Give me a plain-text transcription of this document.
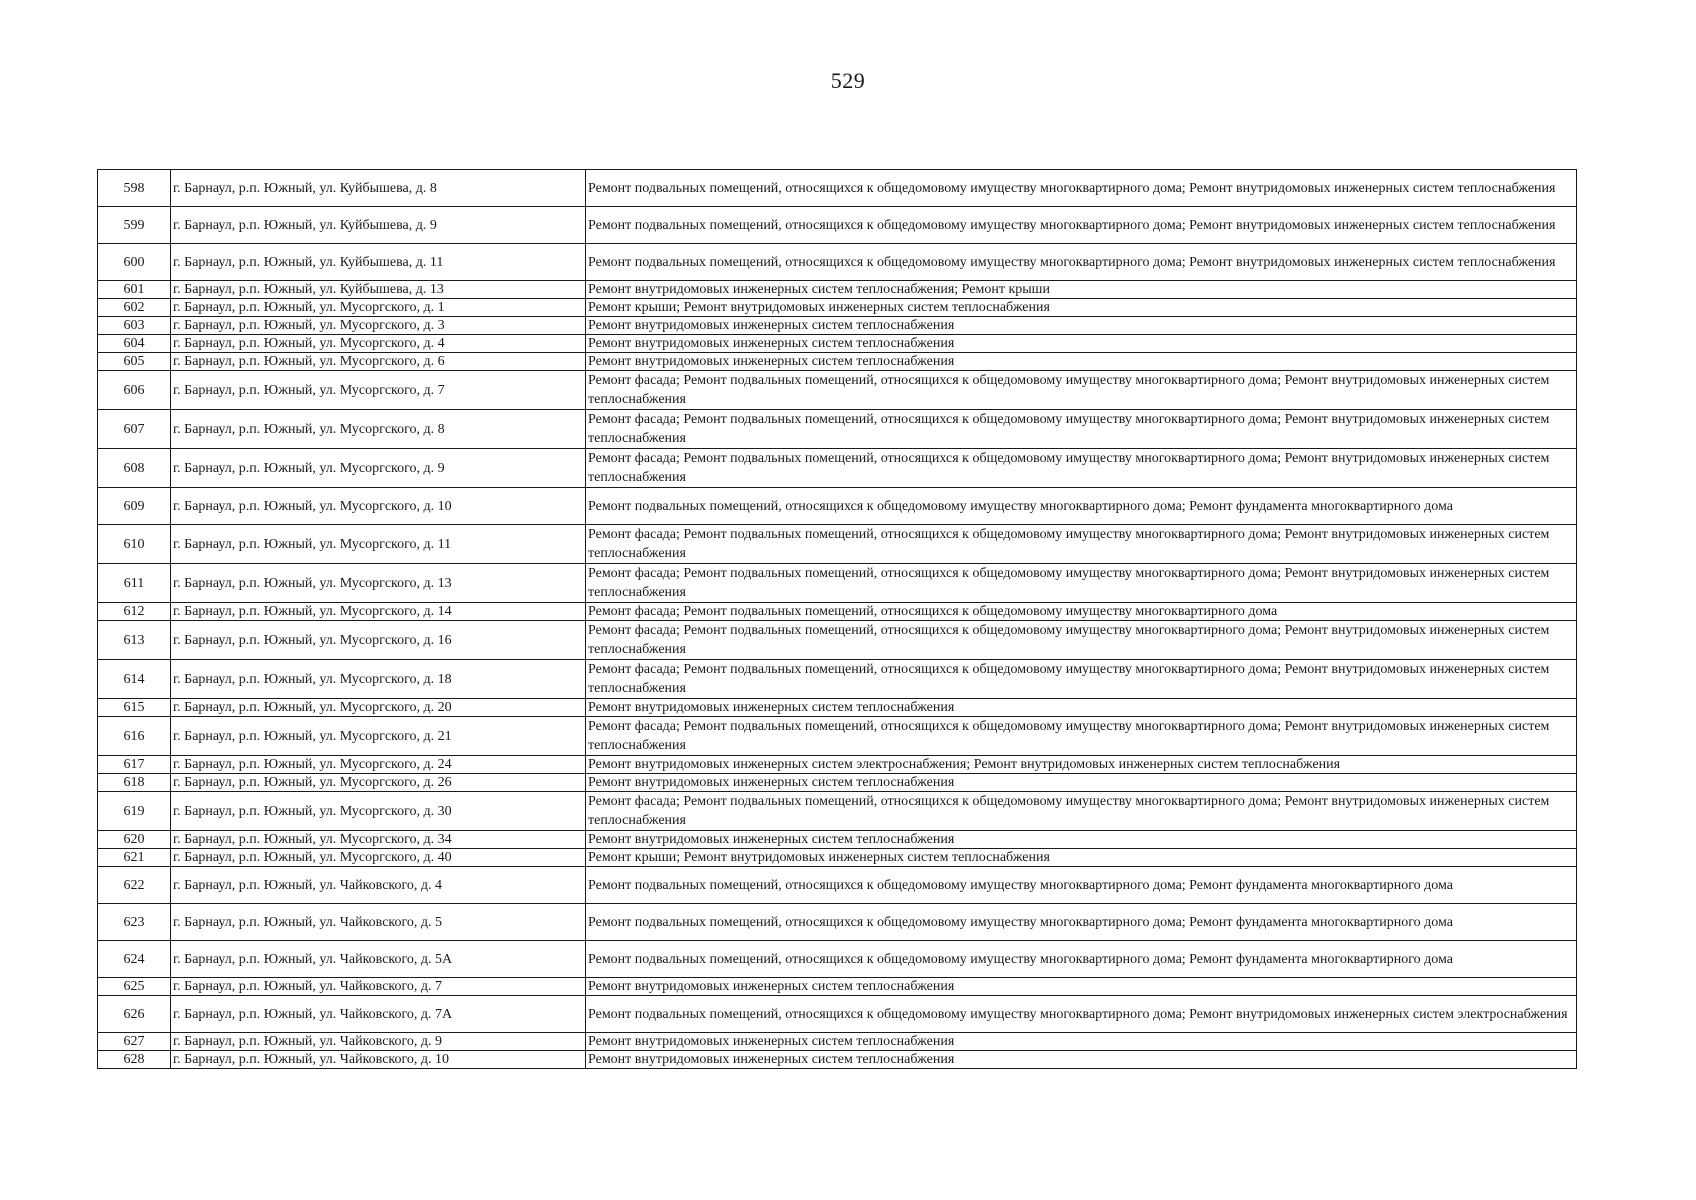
529
598	г. Барнаул, р.п. Южный, ул. Куйбышева, д. 8	Ремонт подвальных помещений, относящихся к общедомовому имуществу многоквартирного дома; Ремонт внутридомовых инженерных систем теплоснабжения
599	г. Барнаул, р.п. Южный, ул. Куйбышева, д. 9	Ремонт подвальных помещений, относящихся к общедомовому имуществу многоквартирного дома; Ремонт внутридомовых инженерных систем теплоснабжения
600	г. Барнаул, р.п. Южный, ул. Куйбышева, д. 11	Ремонт подвальных помещений, относящихся к общедомовому имуществу многоквартирного дома; Ремонт внутридомовых инженерных систем теплоснабжения
601	г. Барнаул, р.п. Южный, ул. Куйбышева, д. 13	Ремонт внутридомовых инженерных систем теплоснабжения; Ремонт крыши
602	г. Барнаул, р.п. Южный, ул. Мусоргского, д. 1	Ремонт крыши; Ремонт внутридомовых инженерных систем теплоснабжения
603	г. Барнаул, р.п. Южный, ул. Мусоргского, д. 3	Ремонт внутридомовых инженерных систем теплоснабжения
604	г. Барнаул, р.п. Южный, ул. Мусоргского, д. 4	Ремонт внутридомовых инженерных систем теплоснабжения
605	г. Барнаул, р.п. Южный, ул. Мусоргского, д. 6	Ремонт внутридомовых инженерных систем теплоснабжения
606	г. Барнаул, р.п. Южный, ул. Мусоргского, д. 7	Ремонт фасада; Ремонт подвальных помещений, относящихся к общедомовому имуществу многоквартирного дома; Ремонт внутридомовых инженерных систем теплоснабжения
607	г. Барнаул, р.п. Южный, ул. Мусоргского, д. 8	Ремонт фасада; Ремонт подвальных помещений, относящихся к общедомовому имуществу многоквартирного дома; Ремонт внутридомовых инженерных систем теплоснабжения
608	г. Барнаул, р.п. Южный, ул. Мусоргского, д. 9	Ремонт фасада; Ремонт подвальных помещений, относящихся к общедомовому имуществу многоквартирного дома; Ремонт внутридомовых инженерных систем теплоснабжения
609	г. Барнаул, р.п. Южный, ул. Мусоргского, д. 10	Ремонт подвальных помещений, относящихся к общедомовому имуществу многоквартирного дома; Ремонт фундамента многоквартирного дома
610	г. Барнаул, р.п. Южный, ул. Мусоргского, д. 11	Ремонт фасада; Ремонт подвальных помещений, относящихся к общедомовому имуществу многоквартирного дома; Ремонт внутридомовых инженерных систем теплоснабжения
611	г. Барнаул, р.п. Южный, ул. Мусоргского, д. 13	Ремонт фасада; Ремонт подвальных помещений, относящихся к общедомовому имуществу многоквартирного дома; Ремонт внутридомовых инженерных систем теплоснабжения
612	г. Барнаул, р.п. Южный, ул. Мусоргского, д. 14	Ремонт фасада; Ремонт подвальных помещений, относящихся к общедомовому имуществу многоквартирного дома
613	г. Барнаул, р.п. Южный, ул. Мусоргского, д. 16	Ремонт фасада; Ремонт подвальных помещений, относящихся к общедомовому имуществу многоквартирного дома; Ремонт внутридомовых инженерных систем теплоснабжения
614	г. Барнаул, р.п. Южный, ул. Мусоргского, д. 18	Ремонт фасада; Ремонт подвальных помещений, относящихся к общедомовому имуществу многоквартирного дома; Ремонт внутридомовых инженерных систем теплоснабжения
615	г. Барнаул, р.п. Южный, ул. Мусоргского, д. 20	Ремонт внутридомовых инженерных систем теплоснабжения
616	г. Барнаул, р.п. Южный, ул. Мусоргского, д. 21	Ремонт фасада; Ремонт подвальных помещений, относящихся к общедомовому имуществу многоквартирного дома; Ремонт внутридомовых инженерных систем теплоснабжения
617	г. Барнаул, р.п. Южный, ул. Мусоргского, д. 24	Ремонт внутридомовых инженерных систем электроснабжения; Ремонт внутридомовых инженерных систем теплоснабжения
618	г. Барнаул, р.п. Южный, ул. Мусоргского, д. 26	Ремонт внутридомовых инженерных систем теплоснабжения
619	г. Барнаул, р.п. Южный, ул. Мусоргского, д. 30	Ремонт фасада; Ремонт подвальных помещений, относящихся к общедомовому имуществу многоквартирного дома; Ремонт внутридомовых инженерных систем теплоснабжения
620	г. Барнаул, р.п. Южный, ул. Мусоргского, д. 34	Ремонт внутридомовых инженерных систем теплоснабжения
621	г. Барнаул, р.п. Южный, ул. Мусоргского, д. 40	Ремонт крыши; Ремонт внутридомовых инженерных систем теплоснабжения
622	г. Барнаул, р.п. Южный, ул. Чайковского, д. 4	Ремонт подвальных помещений, относящихся к общедомовому имуществу многоквартирного дома; Ремонт фундамента многоквартирного дома
623	г. Барнаул, р.п. Южный, ул. Чайковского, д. 5	Ремонт подвальных помещений, относящихся к общедомовому имуществу многоквартирного дома; Ремонт фундамента многоквартирного дома
624	г. Барнаул, р.п. Южный, ул. Чайковского, д. 5А	Ремонт подвальных помещений, относящихся к общедомовому имуществу многоквартирного дома; Ремонт фундамента многоквартирного дома
625	г. Барнаул, р.п. Южный, ул. Чайковского, д. 7	Ремонт внутридомовых инженерных систем теплоснабжения
626	г. Барнаул, р.п. Южный, ул. Чайковского, д. 7А	Ремонт подвальных помещений, относящихся к общедомовому имуществу многоквартирного дома; Ремонт внутридомовых инженерных систем электроснабжения
627	г. Барнаул, р.п. Южный, ул. Чайковского, д. 9	Ремонт внутридомовых инженерных систем теплоснабжения
628	г. Барнаул, р.п. Южный, ул. Чайковского, д. 10	Ремонт внутридомовых инженерных систем теплоснабжения
